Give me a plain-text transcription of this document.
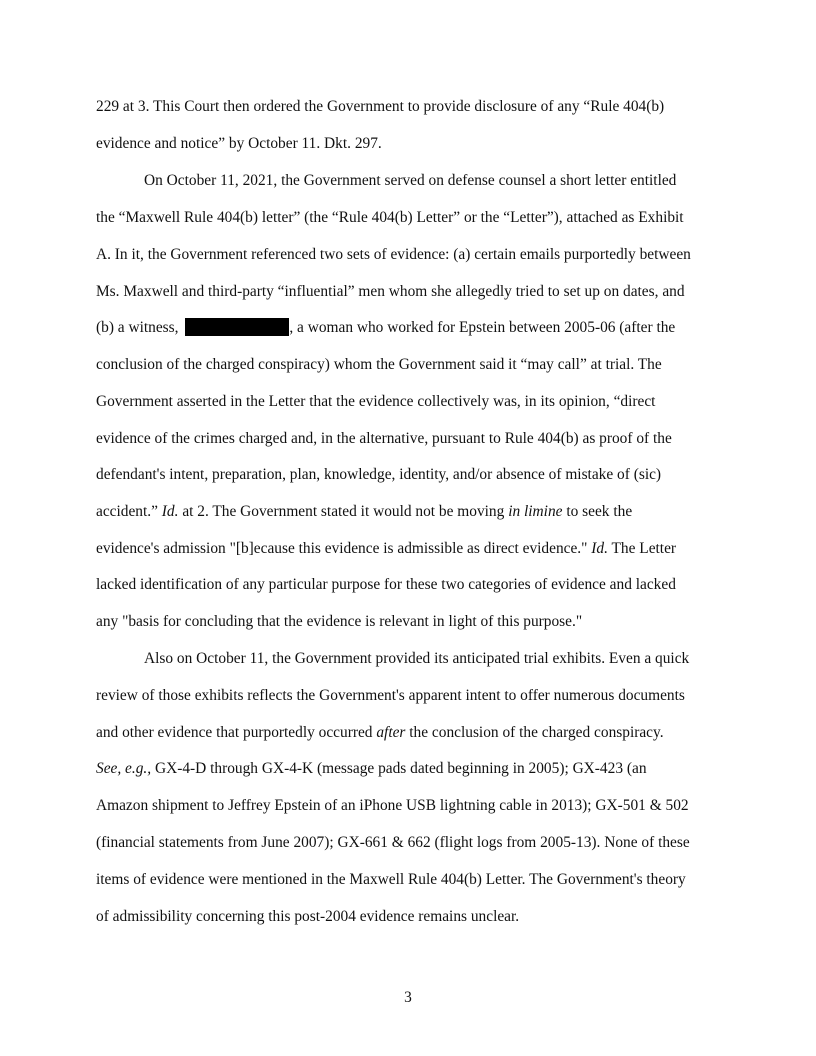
229 at 3. This Court then ordered the Government to provide disclosure of any “Rule 404(b)
evidence and notice” by October 11. Dkt. 297.
On October 11, 2021, the Government served on defense counsel a short letter entitled
the “Maxwell Rule 404(b) letter” (the “Rule 404(b) Letter” or the “Letter”), attached as Exhibit
A. In it, the Government referenced two sets of evidence: (a) certain emails purportedly between
Ms. Maxwell and third-party “influential” men whom she allegedly tried to set up on dates, and
(b) a witness,	, a woman who worked for Epstein between 2005-06 (after the
conclusion of the charged conspiracy) whom the Government said it “may call” at trial. The
Government asserted in the Letter that the evidence collectively was, in its opinion, “direct
evidence of the crimes charged and, in the alternative, pursuant to Rule 404(b) as proof of the
defendant's intent, preparation, plan, knowledge, identity, and/or absence of mistake of (sic)
accident.” Id. at 2. The Government stated it would not be moving in limine to seek the
evidence's admission "[b]ecause this evidence is admissible as direct evidence." Id. The Letter
lacked identification of any particular purpose for these two categories of evidence and lacked
any "basis for concluding that the evidence is relevant in light of this purpose."
Also on October 11, the Government provided its anticipated trial exhibits. Even a quick
review of those exhibits reflects the Government's apparent intent to offer numerous documents
and other evidence that purportedly occurred after the conclusion of the charged conspiracy.
See, e.g., GX-4-D through GX-4-K (message pads dated beginning in 2005); GX-423 (an
Amazon shipment to Jeffrey Epstein of an iPhone USB lightning cable in 2013); GX-501 & 502
(financial statements from June 2007); GX-661 & 662 (flight logs from 2005-13). None of these
items of evidence were mentioned in the Maxwell Rule 404(b) Letter. The Government's theory
of admissibility concerning this post-2004 evidence remains unclear.
3
